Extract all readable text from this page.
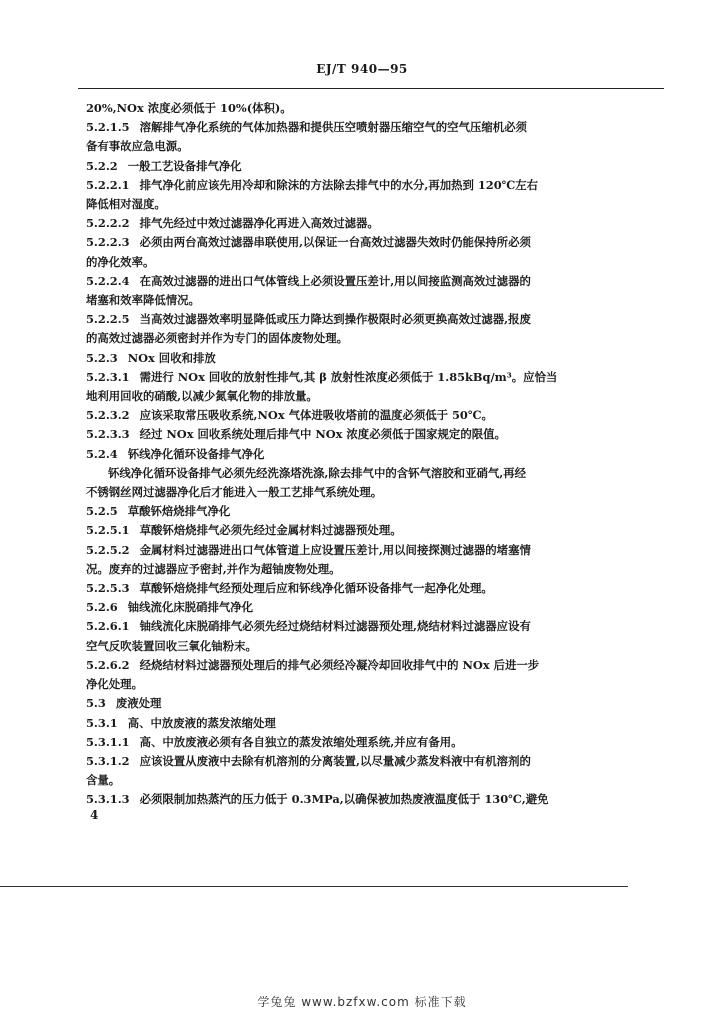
EJ/T 940—95
20%,NOx 浓度必须低于 10%(体积)。
5.2.1.5 溶解排气净化系统的气体加热器和提供压空喷射器压缩空气的空气压缩机必须
备有事故应急电源。
5.2.2 一般工艺设备排气净化
5.2.2.1 排气净化前应该先用冷却和除沫的方法除去排气中的水分,再加热到 120℃左右
降低相对湿度。
5.2.2.2 排气先经过中效过滤器净化再进入高效过滤器。
5.2.2.3 必须由两台高效过滤器串联使用,以保证一台高效过滤器失效时仍能保持所必须
的净化效率。
5.2.2.4 在高效过滤器的进出口气体管线上必须设置压差计,用以间接监测高效过滤器的
堵塞和效率降低情况。
5.2.2.5 当高效过滤器效率明显降低或压力降达到操作极限时必须更换高效过滤器,报废
的高效过滤器必须密封并作为专门的固体废物处理。
5.2.3 NOx 回收和排放
5.2.3.1 需进行 NOx 回收的放射性排气,其 β 放射性浓度必须低于 1.85kBq/m³。应恰当
地利用回收的硝酸,以减少氮氧化物的排放量。
5.2.3.2 应该采取常压吸收系统,NOx 气体进吸收塔前的温度必须低于 50℃。
5.2.3.3 经过 NOx 回收系统处理后排气中 NOx 浓度必须低于国家规定的限值。
5.2.4 钚线净化循环设备排气净化
钚线净化循环设备排气必须先经洗涤塔洗涤,除去排气中的含钚气溶胶和亚硝气,再经
不锈钢丝网过滤器净化后才能进入一般工艺排气系统处理。
5.2.5 草酸钚焙烧排气净化
5.2.5.1 草酸钚焙烧排气必须先经过金属材料过滤器预处理。
5.2.5.2 金属材料过滤器进出口气体管道上应设置压差计,用以间接探测过滤器的堵塞情
况。废弃的过滤器应予密封,并作为超铀废物处理。
5.2.5.3 草酸钚焙烧排气经预处理后应和钚线净化循环设备排气一起净化处理。
5.2.6 铀线流化床脱硝排气净化
5.2.6.1 铀线流化床脱硝排气必须先经过烧结材料过滤器预处理,烧结材料过滤器应设有
空气反吹装置回收三氧化铀粉末。
5.2.6.2 经烧结材料过滤器预处理后的排气必须经冷凝冷却回收排气中的 NOx 后进一步
净化处理。
5.3 废液处理
5.3.1 高、中放废液的蒸发浓缩处理
5.3.1.1 高、中放废液必须有各自独立的蒸发浓缩处理系统,并应有备用。
5.3.1.2 应该设置从废液中去除有机溶剂的分离装置,以尽量减少蒸发料液中有机溶剂的
含量。
5.3.1.3 必须限制加热蒸汽的压力低于 0.3MPa,以确保被加热废液温度低于 130℃,避免
4
学兔兔 www.bzfxw.com 标准下载
